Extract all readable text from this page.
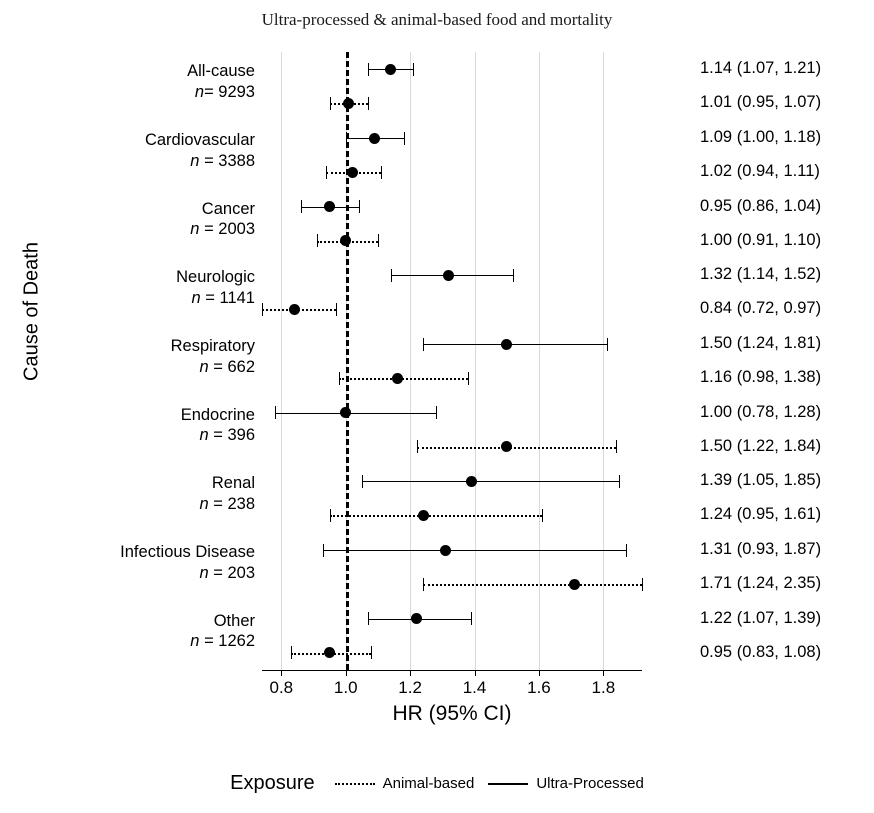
Ultra-processed & animal-based food and mortality
Cause of Death
All-cause
n= 9293
Cardiovascular
n = 3388
Cancer
n = 2003
Neurologic
n = 1141
Respiratory
n = 662
Endocrine
n = 396
Renal
n = 238
Infectious Disease
n = 203
Other
n = 1262
HR (95% CI)
1.14 (1.07, 1.21)
1.01 (0.95, 1.07)
1.09 (1.00, 1.18)
1.02 (0.94, 1.11)
0.95 (0.86, 1.04)
1.00 (0.91, 1.10)
1.32 (1.14, 1.52)
0.84 (0.72, 0.97)
1.50 (1.24, 1.81)
1.16 (0.98, 1.38)
1.00 (0.78, 1.28)
1.50 (1.22, 1.84)
1.39 (1.05, 1.85)
1.24 (0.95, 1.61)
1.31 (0.93, 1.87)
1.71 (1.24, 2.35)
1.22 (1.07, 1.39)
0.95 (0.83, 1.08)
Exposure	Animal-based	Ultra-Processed
0.8 1.0 1.2 1.4 1.6 1.8
